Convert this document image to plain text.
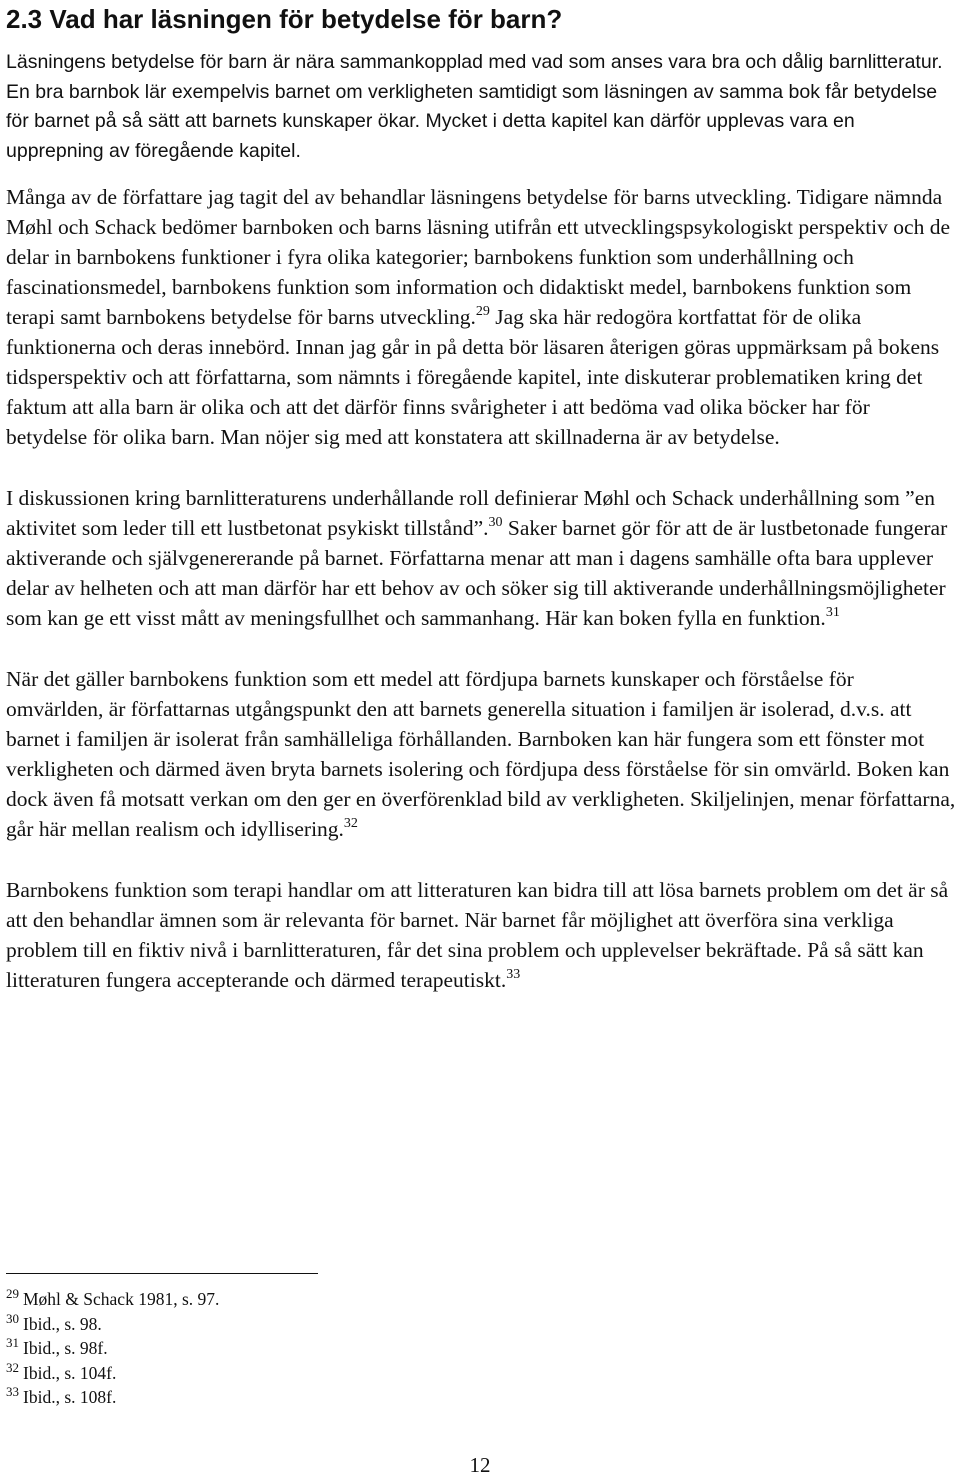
2.3 Vad har läsningen för betydelse för barn?

Läsningens betydelse för barn är nära sammankopplad med vad som anses vara bra och dålig barnlitteratur. En bra barnbok lär exempelvis barnet om verkligheten samtidigt som läsningen av samma bok får betydelse för barnet på så sätt att barnets kunskaper ökar. Mycket i detta kapitel kan därför upplevas vara en upprepning av föregående kapitel.

Många av de författare jag tagit del av behandlar läsningens betydelse för barns utveckling. Tidigare nämnda Møhl och Schack bedömer barnboken och barns läsning utifrån ett utvecklingspsykologiskt perspektiv och de delar in barnbokens funktioner i fyra olika kategorier; barnbokens funktion som underhållning och fascinationsmedel, barnbokens funktion som information och didaktiskt medel, barnbokens funktion som terapi samt barnbokens betydelse för barns utveckling.$^{29}$ Jag ska här redogöra kortfattat för de olika funktionerna och deras innebörd. Innan jag går in på detta bör läsaren återigen göras uppmärksam på bokens tidsperspektiv och att författarna, som nämnts i föregående kapitel, inte diskuterar problematiken kring det faktum att alla barn är olika och att det därför finns svårigheter i att bedöma vad olika böcker har för betydelse för olika barn. Man nöjer sig med att konstatera att skillnaderna är av betydelse.

I diskussionen kring barnlitteraturens underhållande roll definierar Møhl och Schack underhållning som ”en aktivitet som leder till ett lustbetonat psykiskt tillstånd”.$^{30}$ Saker barnet gör för att de är lustbetonade fungerar aktiverande och självgenererande på barnet. Författarna menar att man i dagens samhälle ofta bara upplever delar av helheten och att man därför har ett behov av och söker sig till aktiverande underhållningsmöjligheter som kan ge ett visst mått av meningsfullhet och sammanhang. Här kan boken fylla en funktion.$^{31}$

När det gäller barnbokens funktion som ett medel att fördjupa barnets kunskaper och förståelse för omvärlden, är författarnas utgångspunkt den att barnets generella situation i familjen är isolerad, d.v.s. att barnet i familjen är isolerat från samhälleliga förhållanden. Barnboken kan här fungera som ett fönster mot verkligheten och därmed även bryta barnets isolering och fördjupa dess förståelse för sin omvärld. Boken kan dock även få motsatt verkan om den ger en överförenklad bild av verkligheten. Skiljelinjen, menar författarna, går här mellan realism och idyllisering.$^{32}$

Barnbokens funktion som terapi handlar om att litteraturen kan bidra till att lösa barnets problem om det är så att den behandlar ämnen som är relevanta för barnet. När barnet får möjlighet att överföra sina verkliga problem till en fiktiv nivå i barnlitteraturen, får det sina problem och upplevelser bekräftade. På så sätt kan litteraturen fungera accepterande och därmed terapeutiskt.$^{33}$

$^{29}$ Møhl & Schack 1981, s. 97.

$^{30}$ Ibid., s. 98.

$^{31}$ Ibid., s. 98f.

$^{32}$ Ibid., s. 104f.

$^{33}$ Ibid., s. 108f.

12
